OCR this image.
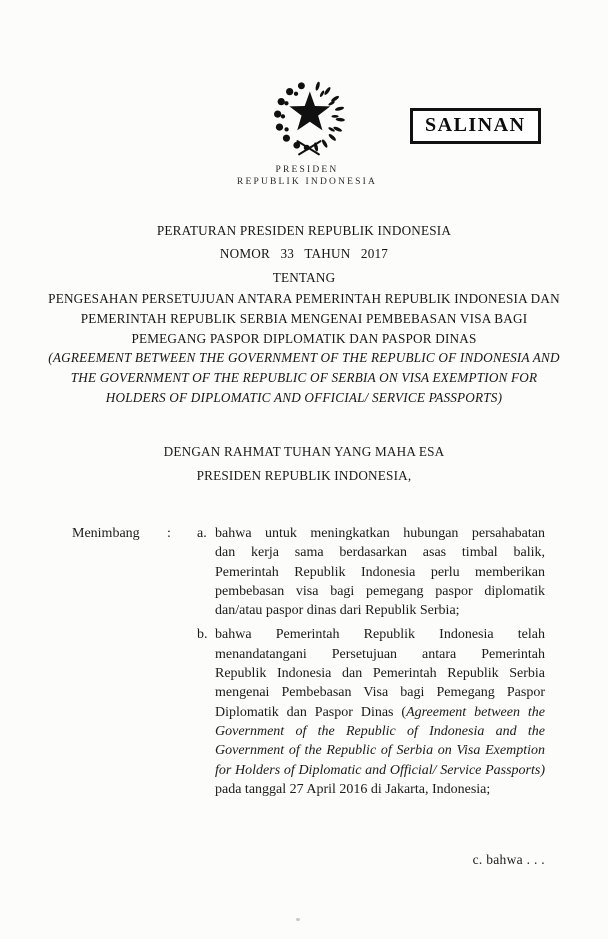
PRESIDEN
REPUBLIK INDONESIA
SALINAN
PERATURAN PRESIDEN REPUBLIK INDONESIA
NOMOR 33 TAHUN 2017
TENTANG
PENGESAHAN PERSETUJUAN ANTARA PEMERINTAH REPUBLIK INDONESIA DAN
PEMERINTAH REPUBLIK SERBIA MENGENAI PEMBEBASAN VISA BAGI
PEMEGANG PASPOR DIPLOMATIK DAN PASPOR DINAS
(AGREEMENT BETWEEN THE GOVERNMENT OF THE REPUBLIC OF INDONESIA AND
THE GOVERNMENT OF THE REPUBLIC OF SERBIA ON VISA EXEMPTION FOR
HOLDERS OF DIPLOMATIC AND OFFICIAL/ SERVICE PASSPORTS)
DENGAN RAHMAT TUHAN YANG MAHA ESA
PRESIDEN REPUBLIK INDONESIA,
Menimbang	:	a. bahwa untuk meningkatkan hubungan persahabatan
dan kerja sama berdasarkan asas timbal balik,
Pemerintah Republik Indonesia perlu memberikan
pembebasan visa bagi pemegang paspor diplomatik
dan/atau paspor dinas dari Republik Serbia;
b. bahwa Pemerintah Republik Indonesia telah
menandatangani Persetujuan antara Pemerintah
Republik Indonesia dan Pemerintah Republik Serbia
mengenai Pembebasan Visa bagi Pemegang Paspor
Diplomatik dan Paspor Dinas (Agreement between the
Government of the Republic of Indonesia and the
Government of the Republic of Serbia on Visa Exemption
for Holders of Diplomatic and Official/ Service Passports)
pada tanggal 27 April 2016 di Jakarta, Indonesia;
c. bahwa . . .
